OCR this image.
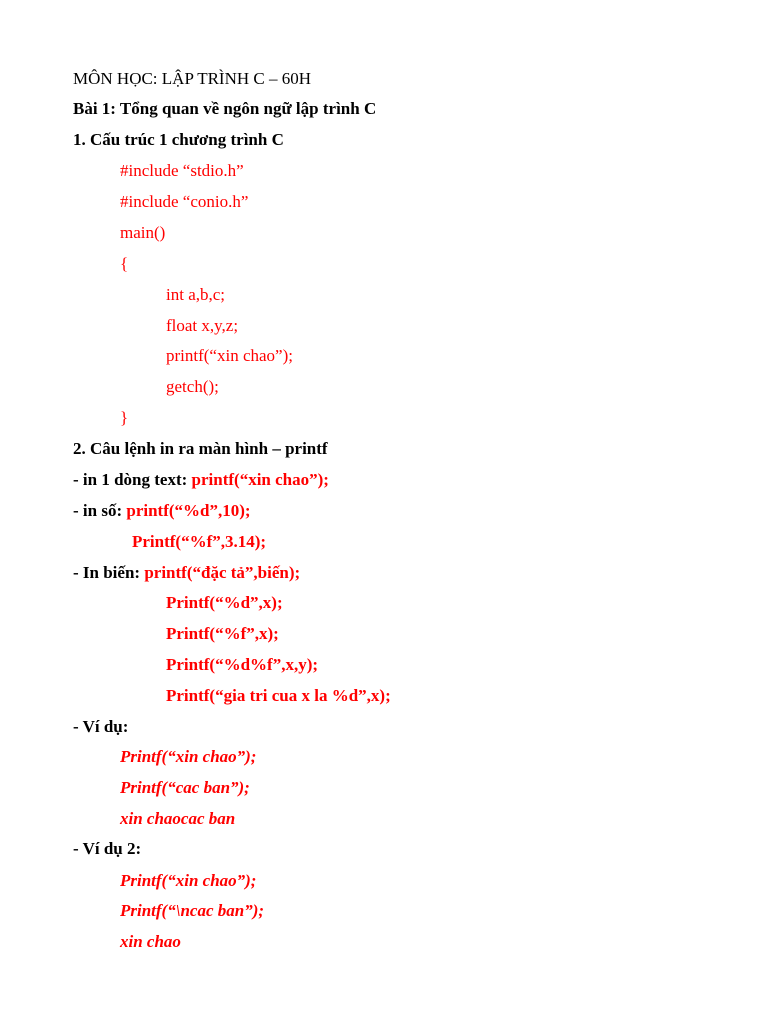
MÔN HỌC: LẬP TRÌNH C – 60H
Bài 1: Tổng quan về ngôn ngữ lập trình C
1. Cấu trúc 1 chương trình C
#include “stdio.h”
#include “conio.h”
main()
{
int a,b,c;
float x,y,z;
printf(“xin chao”);
getch();
}
2. Câu lệnh in ra màn hình – printf
- in 1 dòng text: printf(“xin chao”);
- in số: printf(“%d”,10);
Printf(“%f”,3.14);
- In biến: printf(“đặc tả”,biến);
Printf(“%d”,x);
Printf(“%f”,x);
Printf(“%d%f”,x,y);
Printf(“gia tri cua x la %d”,x);
- Ví dụ:
Printf(“xin chao”);
Printf(“cac ban”);
xin chaocac ban
- Ví dụ 2:
Printf(“xin chao”);
Printf(“\ncac ban”);
xin chao
